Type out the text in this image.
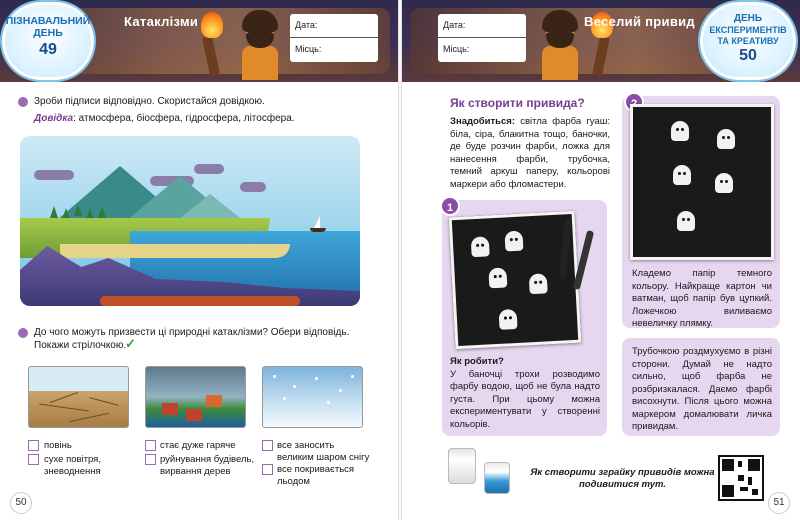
ПІЗНАВАЛЬНИЙ
ДЕНЬ
49
Катаклізми	Дата:
Місць:
Зроби підписи відповідно. Скористайся довідкою.
Довідка: атмосфера, біосфера, гідросфера, літосфера.
До чого можуть призвести ці природні катаклізми? Обери відповідь.
Покажи стрілочкою.
✓
повінь
сухе повітря, зневоднення
стає дуже гаряче
руйнування будівель, вирвання дерев
все заносить великим шаром снігу
все покривається льодом
50
Дата:
Місць:
Веселий привид	ДЕНЬ
ЕКСПЕРИМЕНТІВ
ТА КРЕАТИВУ
50
Як створити привида?
Знадобиться: світла фарба гуаш: біла, сіра, блакитна тощо, баночки, де буде розчин фарби, ложка для нанесення фарби, трубочка, темний аркуш паперу, кольорові маркери або фломастери.
1
Як робити?
У баночці трохи розводимо фарбу водою, щоб не була надто густа. При цьому можна експериментувати у створенні кольорів.
Кладемо папір темного кольору. Найкраще картон чи ватман, щоб папір був цупкий. Ложечкою виливаємо невеличку плямку.
Трубочкою роздмухуємо в різні сторони. Думай не надто сильно, щоб фарба не розбризкалася. Даємо фарбі висохнути. Після цього можна маркером домалювати личка привидам.
Як створити зграйку привидів можна подивитися тут.
51
